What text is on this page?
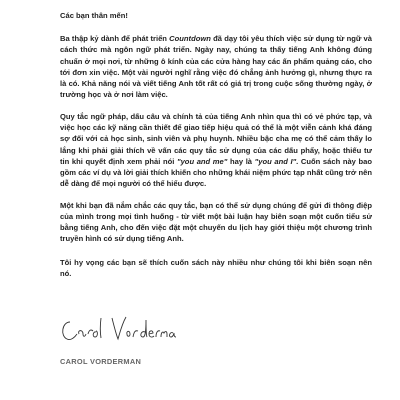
Các bạn thân mến!

Ba thập kỷ dành để phát triển Countdown đã dạy tôi yêu thích việc sử dụng từ ngữ và cách thức mà ngôn ngữ phát triển. Ngày nay, chúng ta thấy tiếng Anh không đúng chuẩn ở mọi nơi, từ những ô kính của các cửa hàng hay các ấn phẩm quảng cáo, cho tới đơn xin việc. Một vài người nghĩ rằng việc đó chẳng ảnh hưởng gì, nhưng thực ra là có. Khả năng nói và viết tiếng Anh tốt rất có giá trị trong cuộc sống thường ngày, ở trường học và ở nơi làm việc.

Quy tắc ngữ pháp, dấu câu và chính tả của tiếng Anh nhìn qua thì có vẻ phức tạp, và việc học các kỹ năng cần thiết để giao tiếp hiệu quả có thể là một viễn cảnh khá đáng sợ đối với cả học sinh, sinh viên và phụ huynh. Nhiều bậc cha mẹ có thể cảm thấy lo lắng khi phải giải thích về vấn các quy tắc sử dụng của các dấu phẩy, hoặc thiếu tư tin khi quyết định xem phải nói "you and me" hay là "you and I". Cuốn sách này bao gồm các ví dụ và lời giải thích khiến cho những khái niệm phức tạp nhất cũng trở nên dễ dàng để mọi người có thể hiểu được.

Một khi bạn đã nắm chắc các quy tắc, bạn có thể sử dụng chúng để gửi đi thông điệp của mình trong mọi tình huống - từ viết một bài luận hay biên soạn một cuốn tiểu sử bằng tiếng Anh, cho đến việc đặt một chuyến du lịch hay giới thiệu một chương trình truyền hình có sử dụng tiếng Anh.

Tôi hy vọng các bạn sẽ thích cuốn sách này nhiều như chúng tôi khi biên soạn nên nó.

CAROL VORDERMAN
